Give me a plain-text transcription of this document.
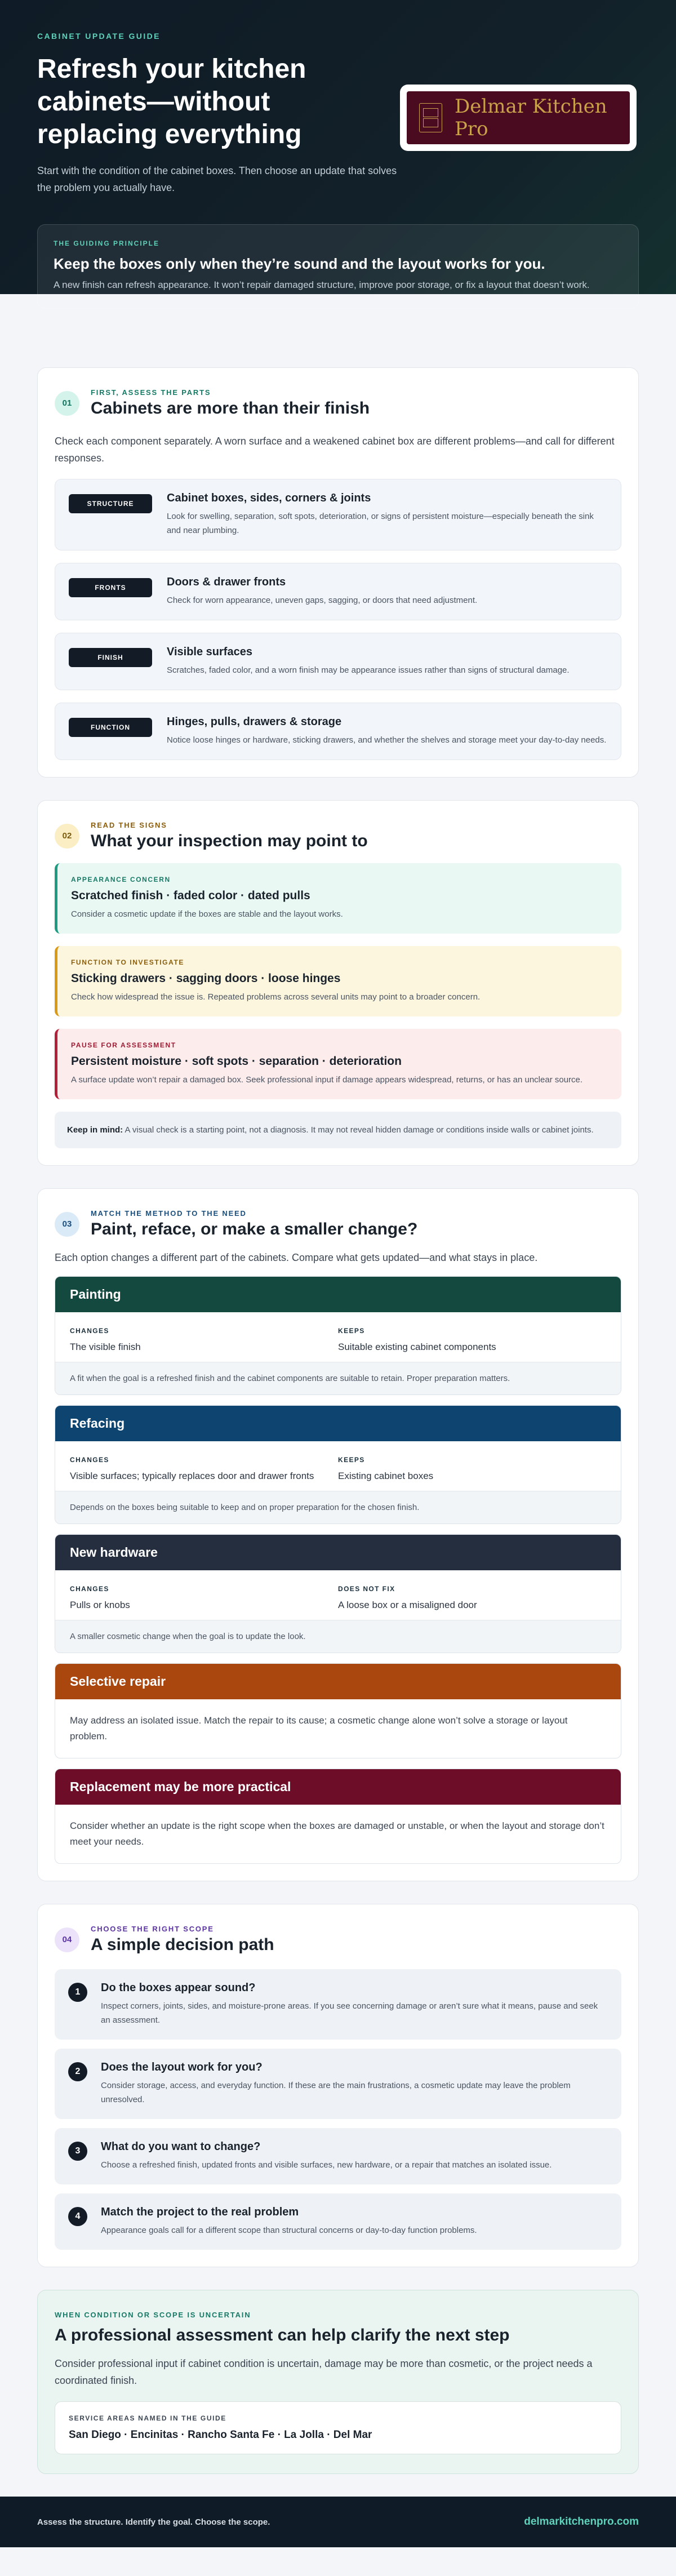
CABINET UPDATE GUIDE
Refresh your kitchen cabinets—without replacing everything

Start with the condition of the cabinet boxes. Then choose an update that solves the problem you actually have.

Delmar Kitchen Pro
THE GUIDING PRINCIPLE
Keep the boxes only when they’re sound and the layout works for you.

A new finish can refresh appearance. It won’t repair damaged structure, improve poor storage, or fix a layout that doesn’t work.

01
FIRST, ASSESS THE PARTS
Cabinets are more than their finish

Check each component separately. A worn surface and a weakened cabinet box are different problems—and call for different responses.

STRUCTURE	Cabinet boxes, sides, corners & joints

Look for swelling, separation, soft spots, deterioration, or signs of persistent moisture—especially beneath the sink and near plumbing.

FRONTS	Doors & drawer fronts

Check for worn appearance, uneven gaps, sagging, or doors that need adjustment.

FINISH	Visible surfaces

Scratches, faded color, and a worn finish may be appearance issues rather than signs of structural damage.

FUNCTION	Hinges, pulls, drawers & storage

Notice loose hinges or hardware, sticking drawers, and whether the shelves and storage meet your day-to-day needs.

02
READ THE SIGNS
What your inspection may point to
APPEARANCE CONCERN
Scratched finish · faded color · dated pulls

Consider a cosmetic update if the boxes are stable and the layout works.

FUNCTION TO INVESTIGATE
Sticking drawers · sagging doors · loose hinges

Check how widespread the issue is. Repeated problems across several units may point to a broader concern.

PAUSE FOR ASSESSMENT
Persistent moisture · soft spots · separation · deterioration

A surface update won’t repair a damaged box. Seek professional input if damage appears widespread, returns, or has an unclear source.

Keep in mind: A visual check is a starting point, not a diagnosis. It may not reveal hidden damage or conditions inside walls or cabinet joints.
03
MATCH THE METHOD TO THE NEED
Paint, reface, or make a smaller change?

Each option changes a different part of the cabinets. Compare what gets updated—and what stays in place.

Painting
CHANGES
The visible finish
KEEPS
Suitable existing cabinet components
A fit when the goal is a refreshed finish and the cabinet components are suitable to retain. Proper preparation matters.
Refacing
CHANGES
Visible surfaces; typically replaces door and drawer fronts
KEEPS
Existing cabinet boxes
Depends on the boxes being suitable to keep and on proper preparation for the chosen finish.
New hardware
CHANGES
Pulls or knobs
DOES NOT FIX
A loose box or a misaligned door
A smaller cosmetic change when the goal is to update the look.
Selective repair
May address an isolated issue. Match the repair to its cause; a cosmetic change alone won’t solve a storage or layout problem.
Replacement may be more practical
Consider whether an update is the right scope when the boxes are damaged or unstable, or when the layout and storage don’t meet your needs.
04
CHOOSE THE RIGHT SCOPE
A simple decision path
1	Do the boxes appear sound?

Inspect corners, joints, sides, and moisture-prone areas. If you see concerning damage or aren’t sure what it means, pause and seek an assessment.

2	Does the layout work for you?

Consider storage, access, and everyday function. If these are the main frustrations, a cosmetic update may leave the problem unresolved.

3	What do you want to change?

Choose a refreshed finish, updated fronts and visible surfaces, new hardware, or a repair that matches an isolated issue.

4	Match the project to the real problem

Appearance goals call for a different scope than structural concerns or day-to-day function problems.

WHEN CONDITION OR SCOPE IS UNCERTAIN
A professional assessment can help clarify the next step

Consider professional input if cabinet condition is uncertain, damage may be more than cosmetic, or the project needs a coordinated finish.

SERVICE AREAS NAMED IN THE GUIDE
San Diego · Encinitas · Rancho Santa Fe · La Jolla · Del Mar
Assess the structure. Identify the goal. Choose the scope.	delmarkitchenpro.com
